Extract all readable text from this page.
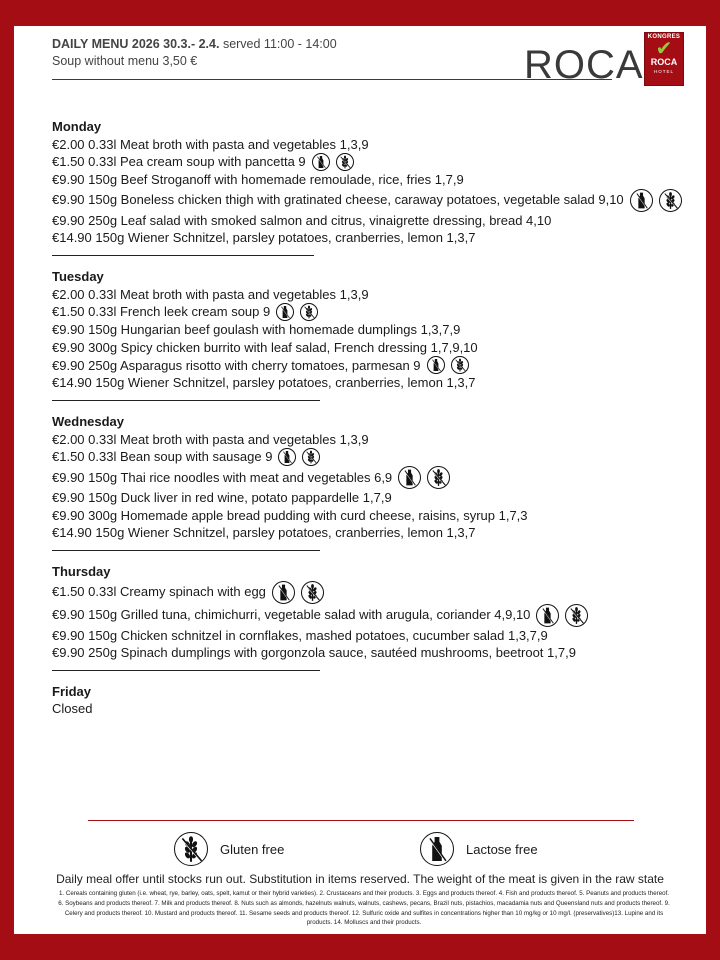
DAILY MENU 2026 30.3.- 2.4. served 11:00 - 14:00
Soup without menu 3,50 €	ROCA
KONGRES
✔
ROCA
HOTEL
Monday
€2.00 0.33l Meat broth with pasta and vegetables 1,3,9
€1.50 0.33l Pea cream soup with pancetta 9
€9.90 150g Beef Stroganoff with homemade remoulade, rice, fries 1,7,9
€9.90 150g Boneless chicken thigh with gratinated cheese, caraway potatoes, vegetable salad 9,10
€9.90 250g Leaf salad with smoked salmon and citrus, vinaigrette dressing, bread 4,10
€14.90 150g Wiener Schnitzel, parsley potatoes, cranberries, lemon 1,3,7
Tuesday
€2.00 0.33l Meat broth with pasta and vegetables 1,3,9
€1.50 0.33l French leek cream soup 9
€9.90 150g Hungarian beef goulash with homemade dumplings 1,3,7,9
€9.90 300g Spicy chicken burrito with leaf salad, French dressing 1,7,9,10
€9.90 250g Asparagus risotto with cherry tomatoes, parmesan 9
€14.90 150g Wiener Schnitzel, parsley potatoes, cranberries, lemon 1,3,7
Wednesday
€2.00 0.33l Meat broth with pasta and vegetables 1,3,9
€1.50 0.33l Bean soup with sausage 9
€9.90 150g Thai rice noodles with meat and vegetables 6,9
€9.90 150g Duck liver in red wine, potato pappardelle 1,7,9
€9.90 300g Homemade apple bread pudding with curd cheese, raisins, syrup 1,7,3
€14.90 150g Wiener Schnitzel, parsley potatoes, cranberries, lemon 1,3,7
Thursday
€1.50 0.33l Creamy spinach with egg
€9.90 150g Grilled tuna, chimichurri, vegetable salad with arugula, coriander 4,9,10
€9.90 150g Chicken schnitzel in cornflakes, mashed potatoes, cucumber salad 1,3,7,9
€9.90 250g Spinach dumplings with gorgonzola sauce, sautéed mushrooms, beetroot 1,7,9
Friday
Closed
Gluten free	Lactose free
Daily meal offer until stocks run out. Substitution in items reserved. The weight of the meat is given in the raw state
1. Cereals containing gluten (i.e. wheat, rye, barley, oats, spelt, kamut or their hybrid varieties). 2. Crustaceans and their products. 3. Eggs and products thereof. 4. Fish and products thereof. 5. Peanuts and products thereof. 6. Soybeans and products thereof. 7. Milk and products thereof. 8. Nuts such as almonds, hazelnuts walnuts, walnuts, cashews, pecans, Brazil nuts, pistachios, macadamia nuts and Queensland nuts and products thereof. 9. Celery and products thereof. 10. Mustard and products thereof. 11. Sesame seeds and products thereof. 12. Sulfuric oxide and sulfites in concentrations higher than 10 mg/kg or 10 mg/l. (preservatives)13. Lupine and its products. 14. Molluscs and their products.
